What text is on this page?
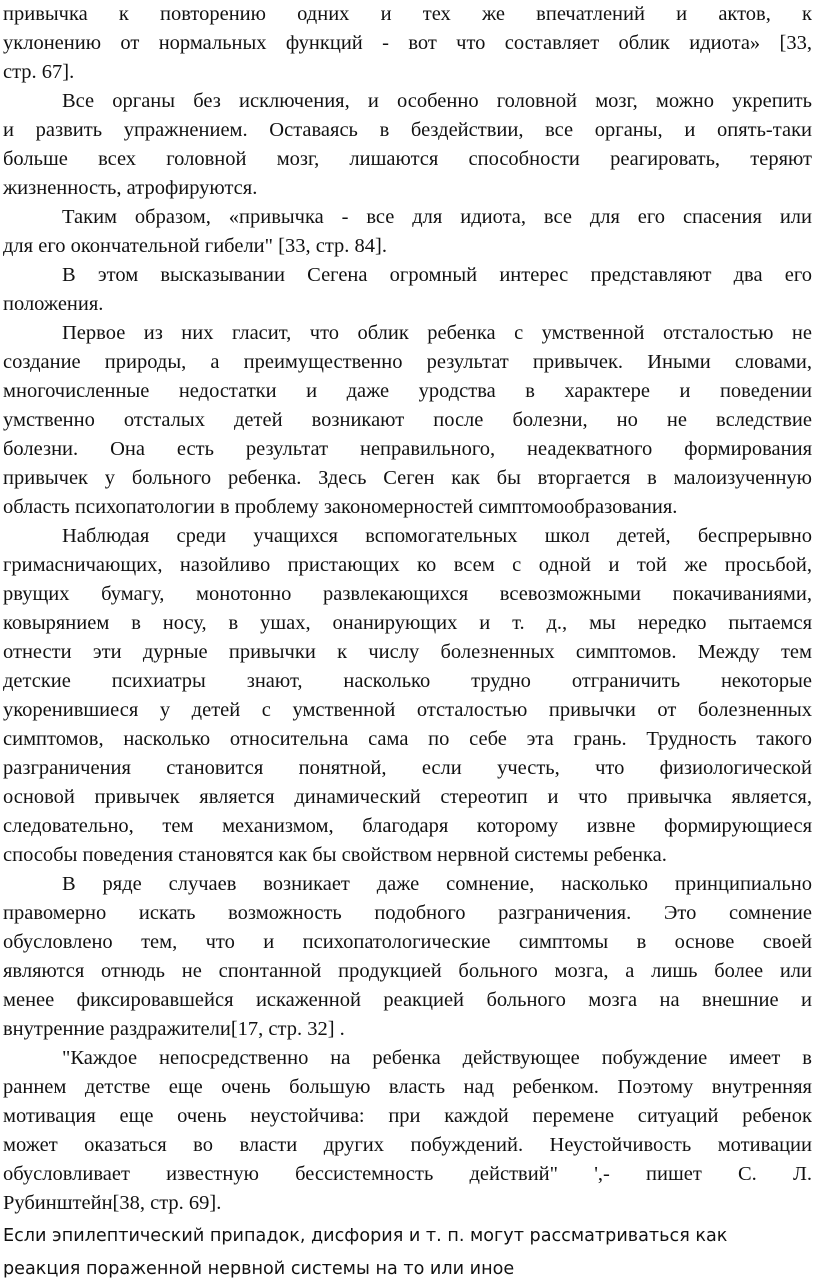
привычка к повторению одних и тех же впечатлений и актов, к
уклонению от нормальных функций - вот что составляет облик идиота» [33,
стр. 67].
Все органы без исключения, и особенно головной мозг, можно укрепить
и развить упражнением. Оставаясь в бездействии, все органы, и опять-таки
больше всех головной мозг, лишаются способности реагировать, теряют
жизненность, атрофируются.
Таким образом, «привычка - все для идиота, все для его спасения или
для его окончательной гибели" [33, стр. 84].
В этом высказывании Сегена огромный интерес представляют два его
положения.
Первое из них гласит, что облик ребенка с умственной отсталостью не
создание природы, а преимущественно результат привычек. Иными словами,
многочисленные недостатки и даже уродства в характере и поведении
умственно отсталых детей возникают после болезни, но не вследствие
болезни. Она есть результат неправильного, неадекватного формирования
привычек у больного ребенка. Здесь Сеген как бы вторгается в малоизученную
область психопатологии в проблему закономерностей симптомообразования.
Наблюдая среди учащихся вспомогательных школ детей, беспрерывно
гримасничающих, назойливо пристающих ко всем с одной и той же просьбой,
рвущих бумагу, монотонно развлекающихся всевозможными покачиваниями,
ковырянием в носу, в ушах, онанирующих и т. д., мы нередко пытаемся
отнести эти дурные привычки к числу болезненных симптомов. Между тем
детские психиатры знают, насколько трудно отграничить некоторые
укоренившиеся у детей с умственной отсталостью привычки от болезненных
симптомов, насколько относительна сама по себе эта грань. Трудность такого
разграничения становится понятной, если учесть, что физиологической
основой привычек является динамический стереотип и что привычка является,
следовательно, тем механизмом, благодаря которому извне формирующиеся
способы поведения становятся как бы свойством нервной системы ребенка.
В ряде случаев возникает даже сомнение, насколько принципиально
правомерно искать возможность подобного разграничения. Это сомнение
обусловлено тем, что и психопатологические симптомы в основе своей
являются отнюдь не спонтанной продукцией больного мозга, а лишь более или
менее фиксировавшейся искаженной реакцией больного мозга на внешние и
внутренние раздражители[17, стр. 32] .
"Каждое непосредственно на ребенка действующее побуждение имеет в
раннем детстве еще очень большую власть над ребенком. Поэтому внутренняя
мотивация еще очень неустойчива: при каждой перемене ситуаций ребенок
может оказаться во власти других побуждений. Неустойчивость мотивации
обусловливает известную бессистемность действий" ',- пишет С. Л.
Рубинштейн[38, стр. 69].
Если эпилептический припадок, дисфория и т. п. могут рассматриваться как
реакция пораженной нервной системы на то или иное
